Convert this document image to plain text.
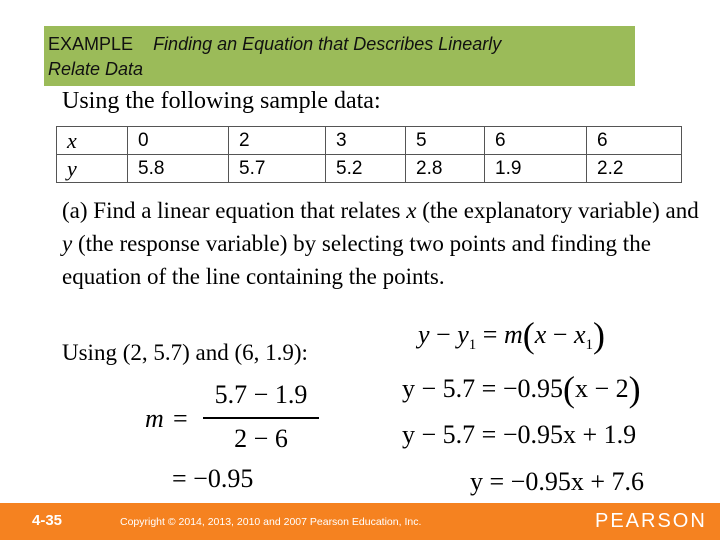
EXAMPLE Finding an Equation that Describes Linearly
Relate Data
Using the following sample data:
x	0	2	3	5	6	6
y	5.8	5.7	5.2	2.8	1.9	2.2
(a) Find a linear equation that relates x (the explanatory variable) and y (the response variable) by selecting two points and finding the equation of the line containing the points.
$y - y_1 = m(x - x_1)$
Using (2, 5.7) and (6, 1.9):
y − 5.7 = −0.95(x − 2)
y − 5.7 = −0.95x + 1.9
m =
5.7 − 1.9
2 − 6
= −0.95	y = −0.95x + 7.6
4-35	Copyright © 2014, 2013, 2010 and 2007 Pearson Education, Inc.	PEARSON
